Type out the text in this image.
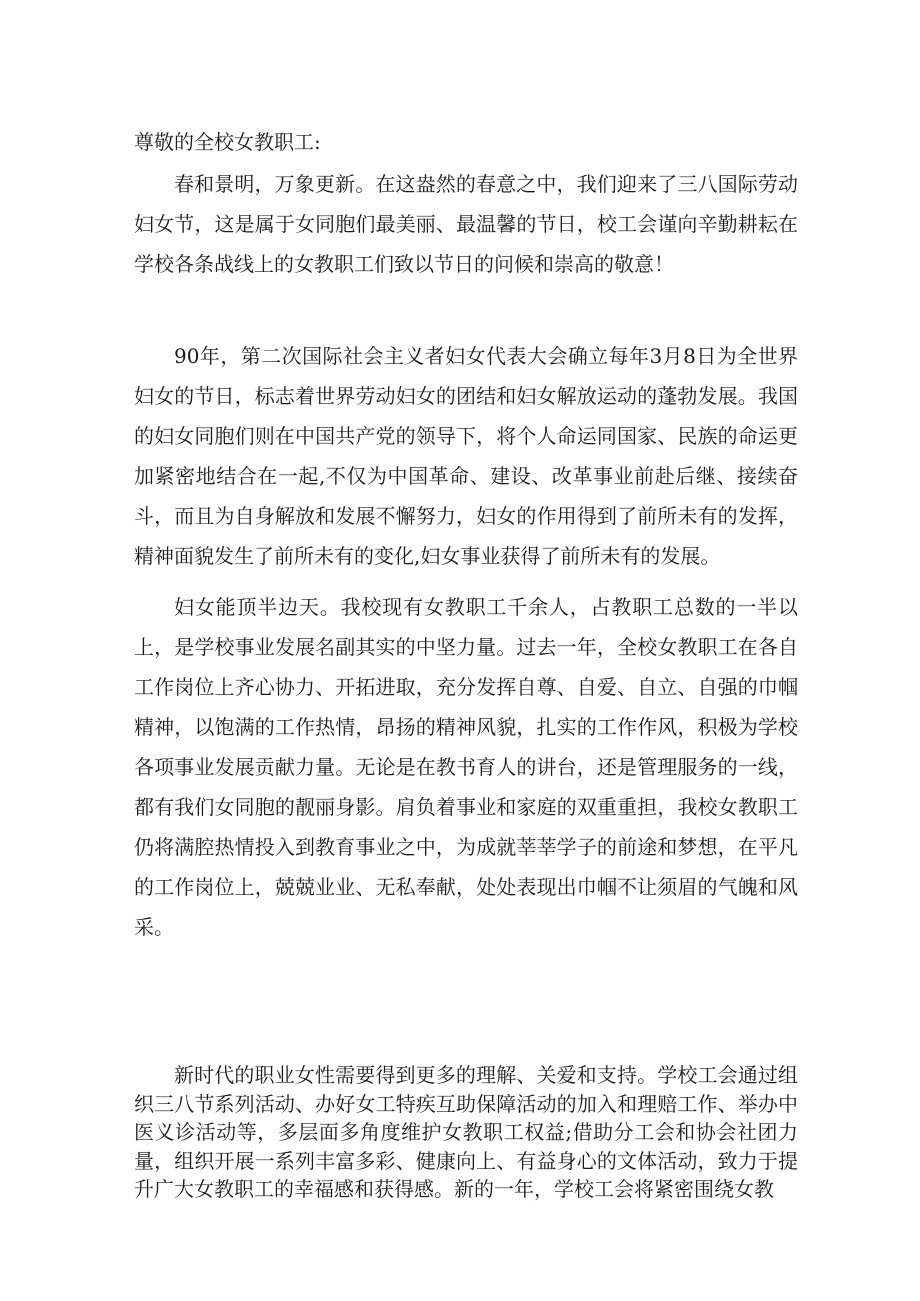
尊敬的全校女教职工:

春和景明，万象更新。在这盎然的春意之中，我们迎来了三八国际劳动妇女节，这是属于女同胞们最美丽、最温馨的节日，校工会谨向辛勤耕耘在学校各条战线上的女教职工们致以节日的问候和崇高的敬意！

90年，第二次国际社会主义者妇女代表大会确立每年3月8日为全世界妇女的节日，标志着世界劳动妇女的团结和妇女解放运动的蓬勃发展。我国的妇女同胞们则在中国共产党的领导下，将个人命运同国家、民族的命运更加紧密地结合在一起,不仅为中国革命、建设、改革事业前赴后继、接续奋斗，而且为自身解放和发展不懈努力，妇女的作用得到了前所未有的发挥，精神面貌发生了前所未有的变化,妇女事业获得了前所未有的发展。

妇女能顶半边天。我校现有女教职工千余人，占教职工总数的一半以上，是学校事业发展名副其实的中坚力量。过去一年，全校女教职工在各自工作岗位上齐心协力、开拓进取，充分发挥自尊、自爱、自立、自强的巾帼精神，以饱满的工作热情，昂扬的精神风貌，扎实的工作作风，积极为学校各项事业发展贡献力量。无论是在教书育人的讲台，还是管理服务的一线，都有我们女同胞的靓丽身影。肩负着事业和家庭的双重重担，我校女教职工仍将满腔热情投入到教育事业之中，为成就莘莘学子的前途和梦想，在平凡的工作岗位上，兢兢业业、无私奉献，处处表现出巾帼不让须眉的气魄和风采。

新时代的职业女性需要得到更多的理解、关爱和支持。学校工会通过组织三八节系列活动、办好女工特疾互助保障活动的加入和理赔工作、举办中医义诊活动等，多层面多角度维护女教职工权益;借助分工会和协会社团力量，组织开展一系列丰富多彩、健康向上、有益身心的文体活动，致力于提升广大女教职工的幸福感和获得感。新的一年，学校工会将紧密围绕女教
